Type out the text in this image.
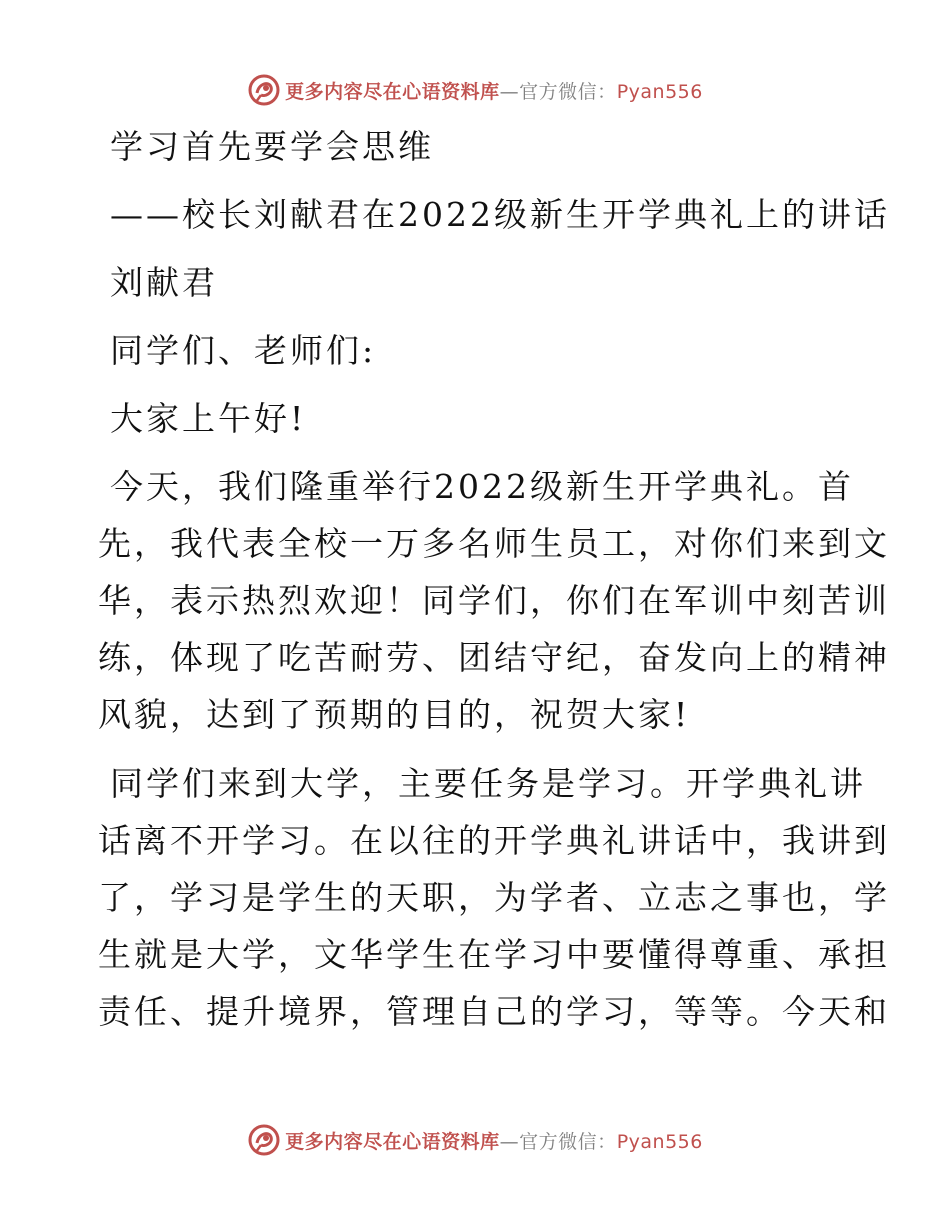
更多内容尽在心语资料库—官方微信：Pyan556
学习首先要学会思维
——校长刘献君在2022级新生开学典礼上的讲话
刘献君
同学们、老师们:
大家上午好!
今天，我们隆重举行2022级新生开学典礼。首
先，我代表全校一万多名师生员工，对你们来到文
华，表示热烈欢迎！同学们，你们在军训中刻苦训
练，体现了吃苦耐劳、团结守纪，奋发向上的精神
风貌，达到了预期的目的，祝贺大家!
同学们来到大学，主要任务是学习。开学典礼讲
话离不开学习。在以往的开学典礼讲话中，我讲到
了，学习是学生的天职，为学者、立志之事也，学
生就是大学，文华学生在学习中要懂得尊重、承担
责任、提升境界，管理自己的学习，等等。今天和
更多内容尽在心语资料库—官方微信：Pyan556
